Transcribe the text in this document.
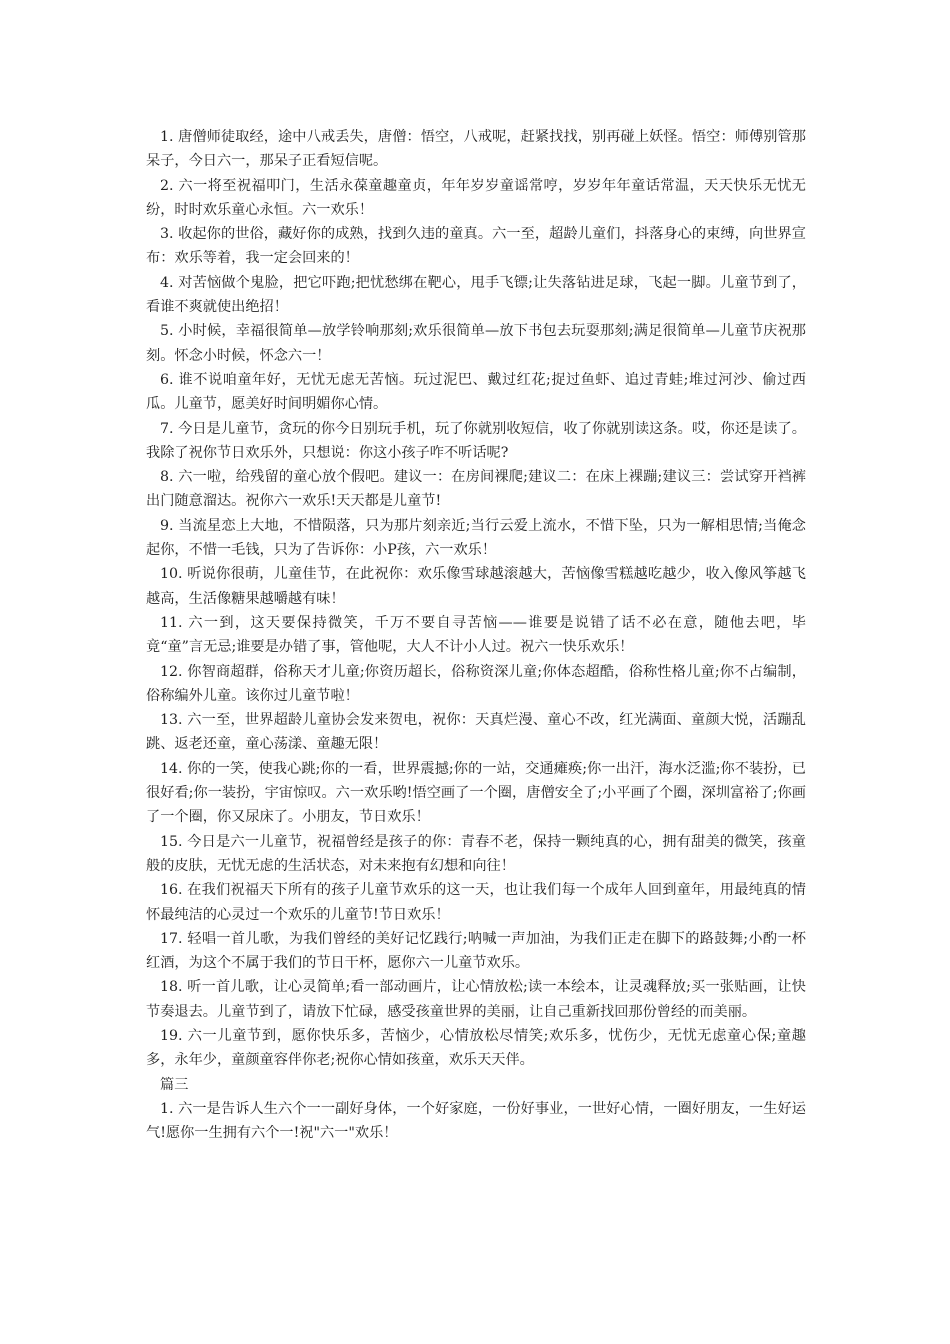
1. 唐僧师徒取经，途中八戒丢失，唐僧：悟空，八戒呢，赶紧找找，别再碰上妖怪。悟空：师傅别管那呆子，今日六一，那呆子正看短信呢。

2. 六一将至祝福叩门，生活永葆童趣童贞，年年岁岁童谣常哼，岁岁年年童话常温，天天快乐无忧无纷，时时欢乐童心永恒。六一欢乐！

3. 收起你的世俗，藏好你的成熟，找到久违的童真。六一至，超龄儿童们，抖落身心的束缚，向世界宣布：欢乐等着，我一定会回来的！

4. 对苦恼做个鬼脸，把它吓跑;把忧愁绑在靶心，甩手飞镖;让失落钻进足球，飞起一脚。儿童节到了，看谁不爽就使出绝招！

5. 小时候，幸福很简单—放学铃响那刻;欢乐很简单—放下书包去玩耍那刻;满足很简单—儿童节庆祝那刻。怀念小时候，怀念六一！

6. 谁不说咱童年好，无忧无虑无苦恼。玩过泥巴、戴过红花;捉过鱼虾、追过青蛙;堆过河沙、偷过西瓜。儿童节，愿美好时间明媚你心情。

7. 今日是儿童节，贪玩的你今日别玩手机，玩了你就别收短信，收了你就别读这条。哎，你还是读了。我除了祝你节日欢乐外，只想说：你这小孩子咋不听话呢?

8. 六一啦，给残留的童心放个假吧。建议一：在房间裸爬;建议二：在床上裸蹦;建议三：尝试穿开裆裤出门随意溜达。祝你六一欢乐!天天都是儿童节!

9. 当流星恋上大地，不惜陨落，只为那片刻亲近;当行云爱上流水，不惜下坠，只为一解相思情;当俺念起你，不惜一毛钱，只为了告诉你：小P孩，六一欢乐！

10. 听说你很萌，儿童佳节，在此祝你：欢乐像雪球越滚越大，苦恼像雪糕越吃越少，收入像风筝越飞越高，生活像糖果越嚼越有味！

11. 六一到，这天要保持微笑，千万不要自寻苦恼——谁要是说错了话不必在意，随他去吧，毕竟“童”言无忌;谁要是办错了事，管他呢，大人不计小人过。祝六一快乐欢乐！

12. 你智商超群，俗称天才儿童;你资历超长，俗称资深儿童;你体态超酷，俗称性格儿童;你不占编制，俗称编外儿童。该你过儿童节啦！

13. 六一至，世界超龄儿童协会发来贺电，祝你：天真烂漫、童心不改，红光满面、童颜大悦，活蹦乱跳、返老还童，童心荡漾、童趣无限！

14. 你的一笑，使我心跳;你的一看，世界震撼;你的一站，交通瘫痪;你一出汗，海水泛滥;你不装扮，已很好看;你一装扮，宇宙惊叹。六一欢乐哟!悟空画了一个圈，唐僧安全了;小平画了个圈，深圳富裕了;你画了一个圈，你又尿床了。小朋友，节日欢乐！

15. 今日是六一儿童节，祝福曾经是孩子的你：青春不老，保持一颗纯真的心，拥有甜美的微笑，孩童般的皮肤，无忧无虑的生活状态，对未来抱有幻想和向往！

16. 在我们祝福天下所有的孩子儿童节欢乐的这一天，也让我们每一个成年人回到童年，用最纯真的情怀最纯洁的心灵过一个欢乐的儿童节!节日欢乐！

17. 轻唱一首儿歌，为我们曾经的美好记忆践行;呐喊一声加油，为我们正走在脚下的路鼓舞;小酌一杯红酒，为这个不属于我们的节日干杯，愿你六一儿童节欢乐。

18. 听一首儿歌，让心灵简单;看一部动画片，让心情放松;读一本绘本，让灵魂释放;买一张贴画，让快节奏退去。儿童节到了，请放下忙碌，感受孩童世界的美丽，让自己重新找回那份曾经的而美丽。

19. 六一儿童节到，愿你快乐多，苦恼少，心情放松尽情笑;欢乐多，忧伤少，无忧无虑童心保;童趣多，永年少，童颜童容伴你老;祝你心情如孩童，欢乐天天伴。

篇三

1. 六一是告诉人生六个一一副好身体，一个好家庭，一份好事业，一世好心情，一圈好朋友，一生好运气!愿你一生拥有六个一!祝"六一"欢乐！
